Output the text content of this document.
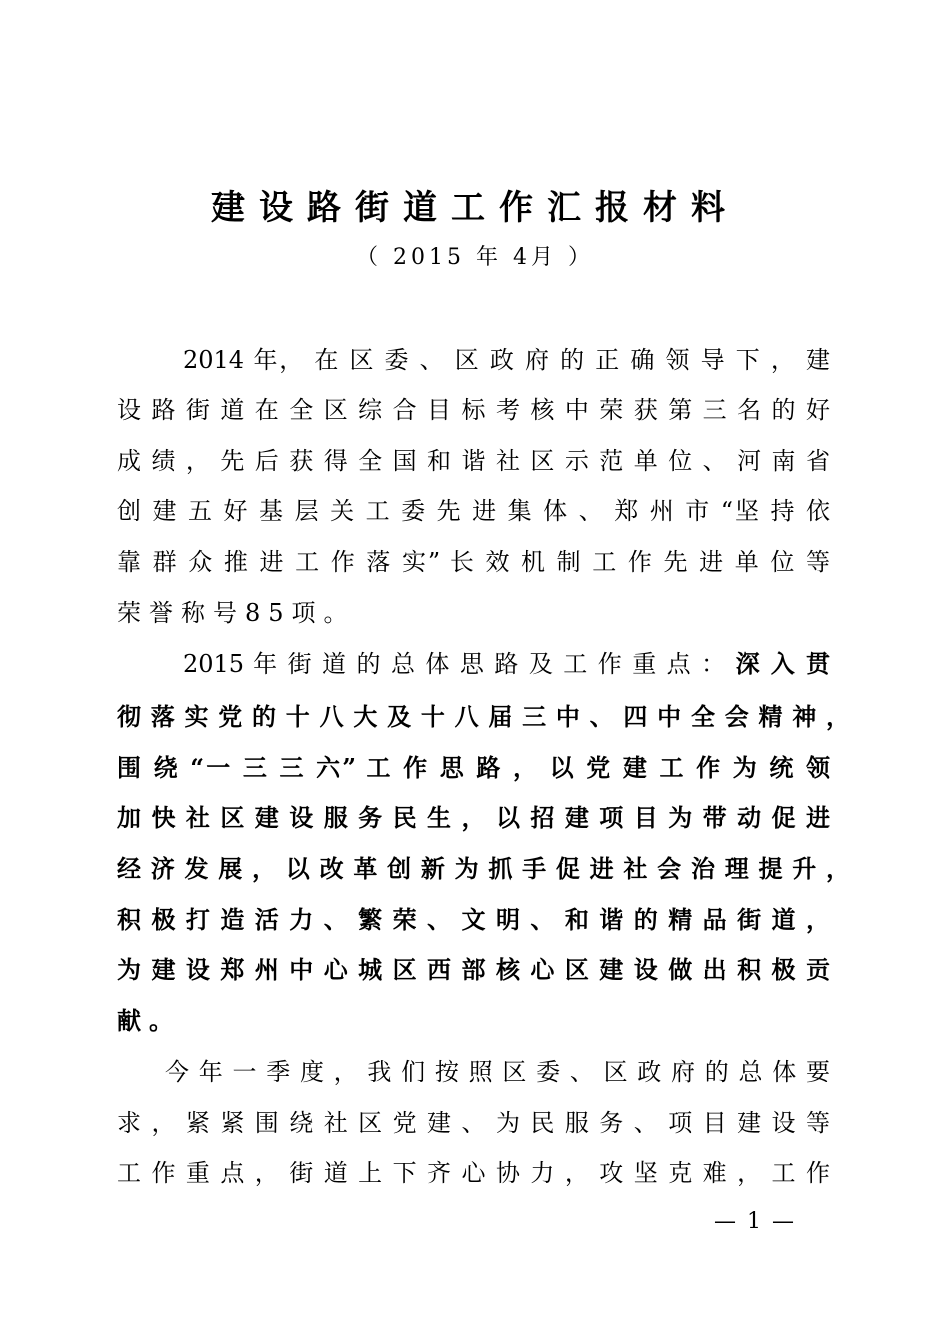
建设路街道工作汇报材料
（ 2015 年 4月 ）
2014 年， 在 区 委 、 区 政 府 的 正 确 领 导 下 ， 建
设 路 街 道 在 全 区 综 合 目 标 考 核 中 荣 获 第 三 名 的 好
成 绩 ， 先 后 获 得 全 国 和 谐 社 区 示 范 单 位 、 河 南 省
创 建 五 好 基 层 关 工 委 先 进 集 体 、 郑 州 市 “坚 持 依
靠 群 众 推 进 工 作 落 实” 长 效 机 制 工 作 先 进 单 位 等
荣誉称号85项。
2015 年 街 道 的 总 体 思 路 及 工 作 重 点 ： 深 入 贯
彻 落 实 党 的 十 八 大 及 十 八 届 三 中 、 四 中 全 会 精 神 ，
围 绕 “一 三 三 六” 工 作 思 路 ， 以 党 建 工 作 为 统 领
加 快 社 区 建 设 服 务 民 生 ， 以 招 建 项 目 为 带 动 促 进
经 济 发 展 ， 以 改 革 创 新 为 抓 手 促 进 社 会 治 理 提 升 ，
积 极 打 造 活 力 、 繁 荣 、 文 明 、 和 谐 的 精 品 街 道 ，
为 建 设 郑 州 中 心 城 区 西 部 核 心 区 建 设 做 出 积 极 贡
献。
今 年 一 季 度 ， 我 们 按 照 区 委 、 区 政 府 的 总 体 要
求 ， 紧 紧 围 绕 社 区 党 建 、 为 民 服 务 、 项 目 建 设 等
工 作 重 点 ， 街 道 上 下 齐 心 协 力 ， 攻 坚 克 难 ， 工 作
— 1 —
